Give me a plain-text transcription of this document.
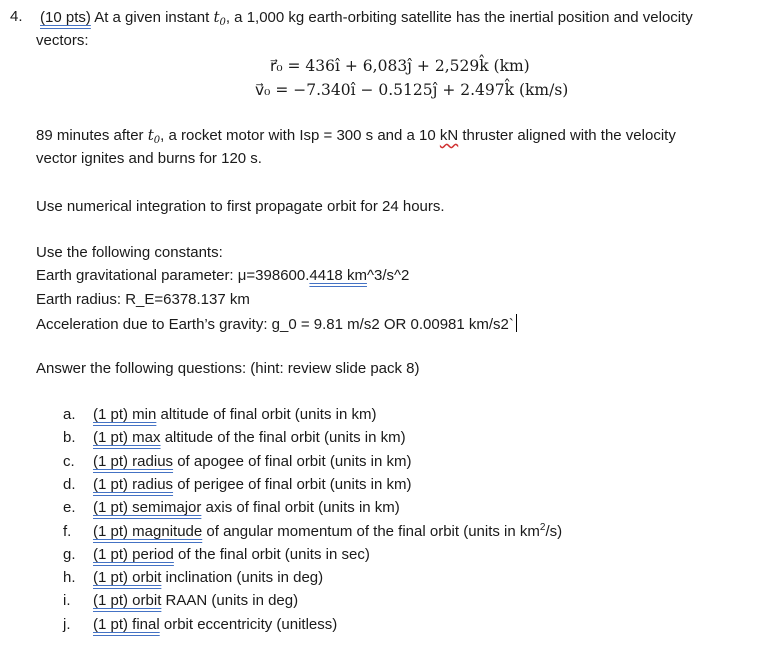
4. (10 pts) At a given instant $t_0$, a 1,000 kg earth-orbiting satellite has the inertial position and velocity
vectors:
r⃗₀ = 436ı̂ + 6,083ȷ̂ + 2,529k̂ (km)
v⃗₀ = −7.340ı̂ − 0.5125ȷ̂ + 2.497k̂ (km/s)
89 minutes after $t_0$, a rocket motor with Isp = 300 s and a 10 kN thruster aligned with the velocity
vector ignites and burns for 120 s.
Use numerical integration to first propagate orbit for 24 hours.
Use the following constants:
Earth gravitational parameter: μ=398600.4418 km^3/s^2
Earth radius: R_E=6378.137 km
Acceleration due to Earth’s gravity: g_0 = 9.81 m/s2 OR 0.00981 km/s2`
Answer the following questions: (hint: review slide pack 8)
a.	(1 pt) min altitude of final orbit (units in km)
b.	(1 pt) max altitude of the final orbit (units in km)
c.	(1 pt) radius of apogee of final orbit (units in km)
d.	(1 pt) radius of perigee of final orbit (units in km)
e.	(1 pt) semimajor axis of final orbit (units in km)
f.	(1 pt) magnitude of angular momentum of the final orbit (units in $km^2/s$)
g.	(1 pt) period of the final orbit (units in sec)
h.	(1 pt) orbit inclination (units in deg)
i.	(1 pt) orbit RAAN (units in deg)
j.	(1 pt) final orbit eccentricity (unitless)
